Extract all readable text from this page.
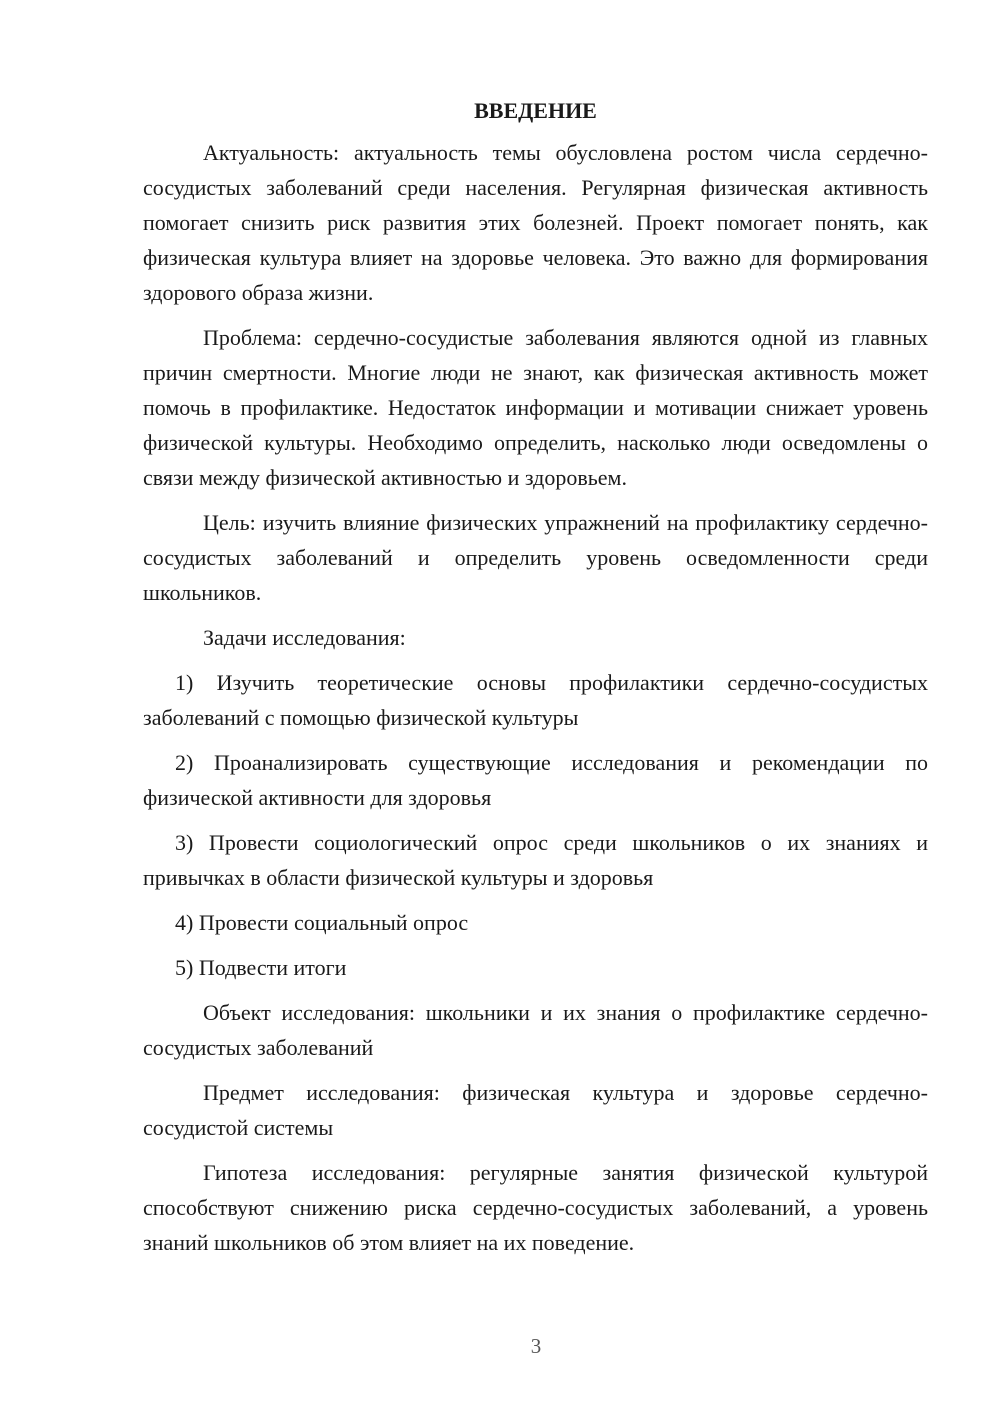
ВВЕДЕНИЕ

Актуальность: актуальность темы обусловлена ростом числа сердечно-сосудистых заболеваний среди населения. Регулярная физическая активность помогает снизить риск развития этих болезней. Проект помогает понять, как физическая культура влияет на здоровье человека. Это важно для формирования здорового образа жизни.

Проблема: сердечно-сосудистые заболевания являются одной из главных причин смертности. Многие люди не знают, как физическая активность может помочь в профилактике. Недостаток информации и мотивации снижает уровень физической культуры. Необходимо определить, насколько люди осведомлены о связи между физической активностью и здоровьем.

Цель: изучить влияние физических упражнений на профилактику сердечно-сосудистых заболеваний и определить уровень осведомленности среди школьников.

Задачи исследования:

1) Изучить теоретические основы профилактики сердечно-сосудистых заболеваний с помощью физической культуры

2) Проанализировать существующие исследования и рекомендации по физической активности для здоровья

3) Провести социологический опрос среди школьников о их знаниях и привычках в области физической культуры и здоровья

4) Провести социальный опрос

5) Подвести итоги

Объект исследования: школьники и их знания о профилактике сердечно-сосудистых заболеваний

Предмет исследования: физическая культура и здоровье сердечно-сосудистой системы

Гипотеза исследования: регулярные занятия физической культурой способствуют снижению риска сердечно-сосудистых заболеваний, а уровень знаний школьников об этом влияет на их поведение.

3
